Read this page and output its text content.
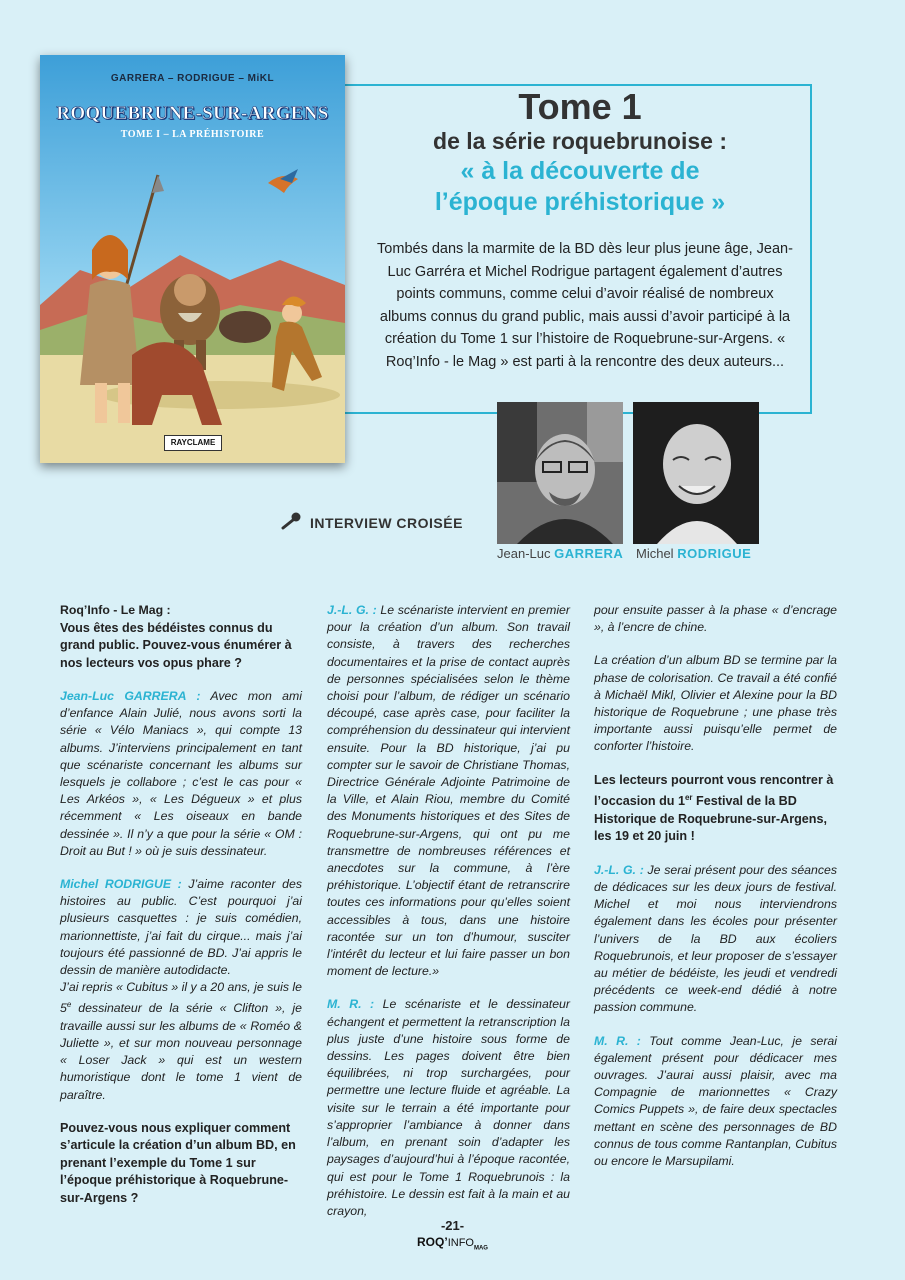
GARRERA – RODRIGUE – MiKL
ROQUEBRUNE-SUR-ARGENS
TOME I – LA PRÉHISTOIRE
RAYCLAME
Tome 1
de la série roquebrunoise :
« à la découverte de
l’époque préhistorique »
Tombés dans la marmite de la BD dès leur plus jeune âge, Jean-Luc Garréra et Michel Rodrigue partagent également d’autres points communs, comme celui d’avoir réalisé de nombreux albums connus du grand public, mais aussi d’avoir participé à la création du Tome 1 sur l’histoire de Roquebrune-sur-Argens. « Roq’Info - le Mag » est parti à la rencontre des deux auteurs...
Jean-Luc GARRERA Michel RODRIGUE
INTERVIEW CROISÉE

Roq’Info - Le Mag :

Vous êtes des bédéistes connus du grand public. Pouvez-vous énumérer à nos lecteurs vos opus phare ?

Jean-Luc GARRERA : Avec mon ami d’enfance Alain Julié, nous avons sorti la série « Vélo Maniacs », qui compte 13 albums. J’interviens principalement en tant que scénariste concernant les albums sur lesquels je collabore ; c’est le cas pour « Les Arkéos », « Les Dégueux » et plus récemment « Les oiseaux en bande dessinée ». Il n’y a que pour la série « OM : Droit au But ! » où je suis dessinateur.

Michel RODRIGUE : J’aime raconter des histoires au public. C’est pourquoi j’ai plusieurs casquettes : je suis comédien, marionnettiste, j’ai fait du cirque... mais j’ai toujours été passionné de BD. J’ai appris le dessin de manière autodidacte.

J’ai repris « Cubitus » il y a 20 ans, je suis le 5e dessinateur de la série « Clifton », je travaille aussi sur les albums de « Roméo & Juliette », et sur mon nouveau personnage « Loser Jack » qui est un western humoristique dont le tome 1 vient de paraître.

Pouvez-vous nous expliquer comment s’articule la création d’un album BD, en prenant l’exemple du Tome 1 sur l’époque préhistorique à Roquebrune-sur-Argens ?

J.-L. G. : Le scénariste intervient en premier pour la création d’un album. Son travail consiste, à travers des recherches documentaires et la prise de contact auprès de personnes spécialisées selon le thème choisi pour l’album, de rédiger un scénario découpé, case après case, pour faciliter la compréhension du dessinateur qui intervient ensuite. Pour la BD historique, j’ai pu compter sur le savoir de Christiane Thomas, Directrice Générale Adjointe Patrimoine de la Ville, et Alain Riou, membre du Comité des Monuments historiques et des Sites de Roquebrune-sur-Argens, qui ont pu me transmettre de nombreuses références et anecdotes sur la commune, à l’ère préhistorique. L’objectif étant de retranscrire toutes ces informations pour qu’elles soient accessibles à tous, dans une histoire racontée sur un ton d’humour, susciter l’intérêt du lecteur et lui faire passer un bon moment de lecture.»

M. R. : Le scénariste et le dessinateur échangent et permettent la retranscription la plus juste d’une histoire sous forme de dessins. Les pages doivent être bien équilibrées, ni trop surchargées, pour permettre une lecture fluide et agréable. La visite sur le terrain a été importante pour s’approprier l’ambiance à donner dans l’album, en prenant soin d’adapter les paysages d’aujourd’hui à l’époque racontée, qui est pour le Tome 1 Roquebrunois : la préhistoire. Le dessin est fait à la main et au crayon,

pour ensuite passer à la phase « d’encrage », à l’encre de chine.

La création d’un album BD se termine par la phase de colorisation. Ce travail a été confié à Michaël Mikl, Olivier et Alexine pour la BD historique de Roquebrune ; une phase très importante aussi puisqu’elle permet de conforter l’histoire.

Les lecteurs pourront vous rencontrer à l’occasion du 1er Festival de la BD Historique de Roquebrune-sur-Argens, les 19 et 20 juin !

J.-L. G. : Je serai présent pour des séances de dédicaces sur les deux jours de festival. Michel et moi nous interviendrons également dans les écoles pour présenter l’univers de la BD aux écoliers Roquebrunois, et leur proposer de s’essayer au métier de bédéiste, les jeudi et vendredi précédents ce week-end dédié à notre passion commune.

M. R. : Tout comme Jean-Luc, je serai également présent pour dédicacer mes ouvrages. J’aurai aussi plaisir, avec ma Compagnie de marionnettes « Crazy Comics Puppets », de faire deux spectacles mettant en scène des personnages de BD connus de tous comme Rantanplan, Cubitus ou encore le Marsupilami.

-21-
$ROQ’INFO_{MAG}$
